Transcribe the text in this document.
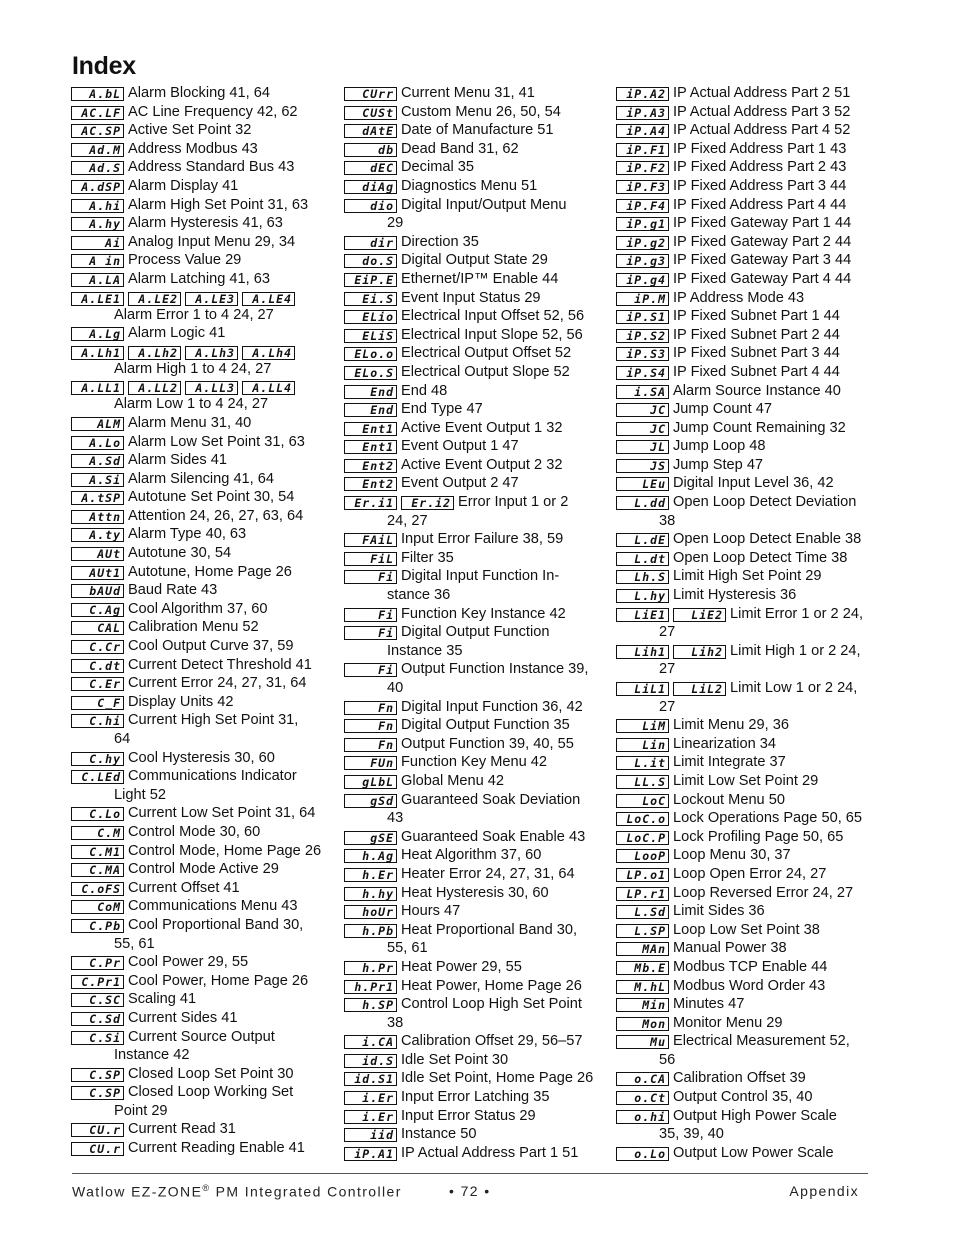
Index
A.bL Alarm Blocking 41, 64
AC.LF AC Line Frequency 42, 62
AC.SP Active Set Point 32
Ad.M Address Modbus 43
Ad.S Address Standard Bus 43
A.dSP Alarm Display 41
A.hi Alarm High Set Point 31, 63
A.hy Alarm Hysteresis 41, 63
Ai Analog Input Menu 29, 34
A in Process Value 29
A.LA Alarm Latching 41, 63
A.LE1	A.LE2	A.LE3	A.LE4
Alarm Error 1 to 4 24, 27
A.Lg Alarm Logic 41
A.Lh1	A.Lh2	A.Lh3	A.Lh4
Alarm High 1 to 4 24, 27
A.LL1	A.LL2	A.LL3	A.LL4
Alarm Low 1 to 4 24, 27
ALM Alarm Menu 31, 40
A.Lo Alarm Low Set Point 31, 63
A.Sd Alarm Sides 41
A.Si Alarm Silencing 41, 64
A.tSP Autotune Set Point 30, 54
Attn Attention 24, 26, 27, 63, 64
A.ty Alarm Type 40, 63
AUt Autotune 30, 54
AUt1 Autotune, Home Page 26
bAUd Baud Rate 43
C.Ag Cool Algorithm 37, 60
CAL Calibration Menu 52
C.Cr Cool Output Curve 37, 59
C.dt Current Detect Threshold 41
C.Er Current Error 24, 27, 31, 64
C_F Display Units 42
C.hi Current High Set Point 31,
64
C.hy Cool Hysteresis 30, 60
C.LEd Communications Indicator
Light 52
C.Lo Current Low Set Point 31, 64
C.M Control Mode 30, 60
C.M1 Control Mode, Home Page 26
C.MA Control Mode Active 29
C.oFS Current Offset 41
CoM Communications Menu 43
C.Pb Cool Proportional Band 30,
55, 61
C.Pr Cool Power 29, 55
C.Pr1 Cool Power, Home Page 26
C.SC Scaling 41
C.Sd Current Sides 41
C.Si Current Source Output
Instance 42
C.SP Closed Loop Set Point 30
C.SP Closed Loop Working Set
Point 29
CU.r Current Read 31
CU.r Current Reading Enable 41
CUrr Current Menu 31, 41
CUSt Custom Menu 26, 50, 54
dAtE Date of Manufacture 51
db Dead Band 31, 62
dEC Decimal 35
diAg Diagnostics Menu 51
dio Digital Input/Output Menu
29
dir Direction 35
do.S Digital Output State 29
EiP.E Ethernet/IP™ Enable 44
Ei.S Event Input Status 29
ELio Electrical Input Offset 52, 56
ELiS Electrical Input Slope 52, 56
ELo.o Electrical Output Offset 52
ELo.S Electrical Output Slope 52
End End 48
End End Type 47
Ent1 Active Event Output 1 32
Ent1 Event Output 1 47
Ent2 Active Event Output 2 32
Ent2 Event Output 2 47
Er.i1	Er.i2 Error Input 1 or 2
24, 27
FAiL Input Error Failure 38, 59
FiL Filter 35
Fi Digital Input Function In-
stance 36
Fi Function Key Instance 42
Fi Digital Output Function
Instance 35
Fi Output Function Instance 39,
40
Fn Digital Input Function 36, 42
Fn Digital Output Function 35
Fn Output Function 39, 40, 55
FUn Function Key Menu 42
gLbL Global Menu 42
gSd Guaranteed Soak Deviation
43
gSE Guaranteed Soak Enable 43
h.Ag Heat Algorithm 37, 60
h.Er Heater Error 24, 27, 31, 64
h.hy Heat Hysteresis 30, 60
hoUr Hours 47
h.Pb Heat Proportional Band 30,
55, 61
h.Pr Heat Power 29, 55
h.Pr1 Heat Power, Home Page 26
h.SP Control Loop High Set Point
38
i.CA Calibration Offset 29, 56–57
id.S Idle Set Point 30
id.S1 Idle Set Point, Home Page 26
i.Er Input Error Latching 35
i.Er Input Error Status 29
iid Instance 50
iP.A1 IP Actual Address Part 1 51
iP.A2 IP Actual Address Part 2 51
iP.A3 IP Actual Address Part 3 52
iP.A4 IP Actual Address Part 4 52
iP.F1 IP Fixed Address Part 1 43
iP.F2 IP Fixed Address Part 2 43
iP.F3 IP Fixed Address Part 3 44
iP.F4 IP Fixed Address Part 4 44
iP.g1 IP Fixed Gateway Part 1 44
iP.g2 IP Fixed Gateway Part 2 44
iP.g3 IP Fixed Gateway Part 3 44
iP.g4 IP Fixed Gateway Part 4 44
iP.M IP Address Mode 43
iP.S1 IP Fixed Subnet Part 1 44
iP.S2 IP Fixed Subnet Part 2 44
iP.S3 IP Fixed Subnet Part 3 44
iP.S4 IP Fixed Subnet Part 4 44
i.SA Alarm Source Instance 40
JC Jump Count 47
JC Jump Count Remaining 32
JL Jump Loop 48
JS Jump Step 47
LEu Digital Input Level 36, 42
L.dd Open Loop Detect Deviation
38
L.dE Open Loop Detect Enable 38
L.dt Open Loop Detect Time 38
Lh.S Limit High Set Point 29
L.hy Limit Hysteresis 36
LiE1	LiE2 Limit Error 1 or 2 24,
27
Lih1	Lih2 Limit High 1 or 2 24,
27
LiL1	LiL2 Limit Low 1 or 2 24,
27
LiM Limit Menu 29, 36
Lin Linearization 34
L.it Limit Integrate 37
LL.S Limit Low Set Point 29
LoC Lockout Menu 50
LoC.o Lock Operations Page 50, 65
LoC.P Lock Profiling Page 50, 65
LooP Loop Menu 30, 37
LP.o1 Loop Open Error 24, 27
LP.r1 Loop Reversed Error 24, 27
L.Sd Limit Sides 36
L.SP Loop Low Set Point 38
MAn Manual Power 38
Mb.E Modbus TCP Enable 44
M.hL Modbus Word Order 43
Min Minutes 47
Mon Monitor Menu 29
Mu Electrical Measurement 52,
56
o.CA Calibration Offset 39
o.Ct Output Control 35, 40
o.hi Output High Power Scale
35, 39, 40
o.Lo Output Low Power Scale
Watlow EZ-ZONE® PM Integrated Controller	• 72 •	Appendix
